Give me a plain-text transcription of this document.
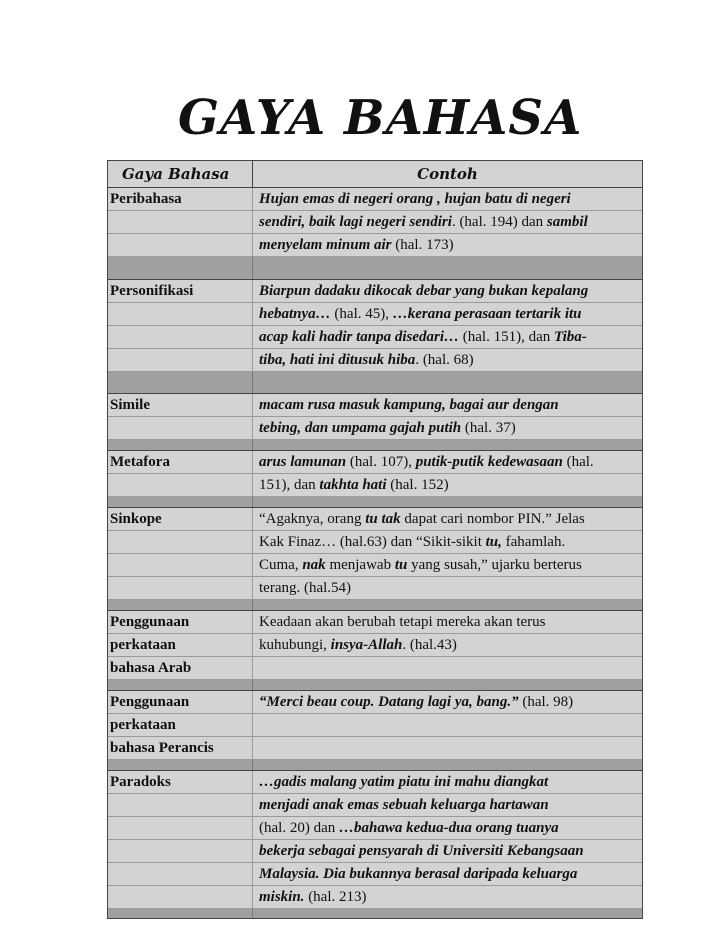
GAYA BAHASA
Gaya Bahasa	Contoh
Peribahasa	Hujan emas di negeri orang , hujan batu di negeri

sendiri, baik lagi negeri sendiri. (hal. 194) dan sambil

menyelam minum air (hal. 173)
Personifikasi	Biarpun dadaku dikocak debar yang bukan kepalang

hebatnya… (hal. 45), …kerana perasaan tertarik itu

acap kali hadir tanpa disedari… (hal. 151), dan Tiba-

tiba, hati ini ditusuk hiba. (hal. 68)
Simile	macam rusa masuk kampung, bagai aur dengan

tebing, dan umpama gajah putih (hal. 37)
Metafora	arus lamunan (hal. 107), putik-putik kedewasaan (hal.

151), dan takhta hati (hal. 152)
Sinkope	“Agaknya, orang tu tak dapat cari nombor PIN.” Jelas

Kak Finaz… (hal.63) dan “Sikit-sikit tu, fahamlah.

Cuma, nak menjawab tu yang susah,” ujarku berterus

terang. (hal.54)
Penggunaan	Keadaan akan berubah tetapi mereka akan terus
perkataan	kuhubungi, insya-Allah. (hal.43)
bahasa Arab

Penggunaan	“Merci beau coup. Datang lagi ya, bang.” (hal. 98)
perkataan

bahasa Perancis

Paradoks	…gadis malang yatim piatu ini mahu diangkat

menjadi anak emas sebuah keluarga hartawan

(hal. 20) dan …bahawa kedua-dua orang tuanya

bekerja sebagai pensyarah di Universiti Kebangsaan

Malaysia. Dia bukannya berasal daripada keluarga

miskin. (hal. 213)
